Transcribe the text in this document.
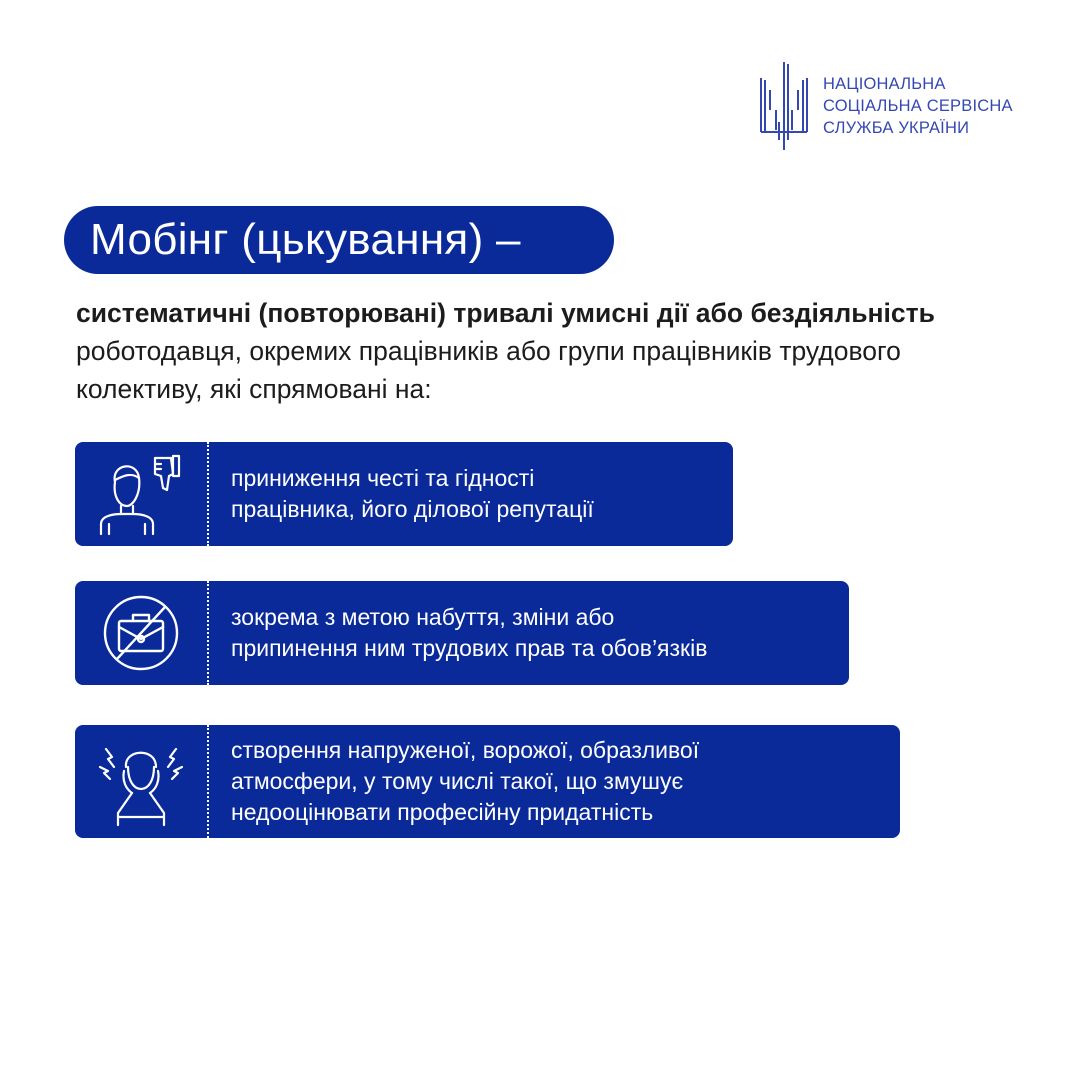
НАЦІОНАЛЬНА
СОЦІАЛЬНА СЕРВІСНА
СЛУЖБА УКРАЇНИ
Мобінг (цькування) –
систематичні (повторювані) тривалі умисні дії або бездіяльність роботодавця, окремих працівників або групи працівників трудового колективу, які спрямовані на:
приниження честі та гідності
працівника, його ділової репутації
зокрема з метою набуття, зміни або
припинення ним трудових прав та обов’язків
створення напруженої, ворожої, образливої
атмосфери, у тому числі такої, що змушує
недооцінювати професійну придатність
